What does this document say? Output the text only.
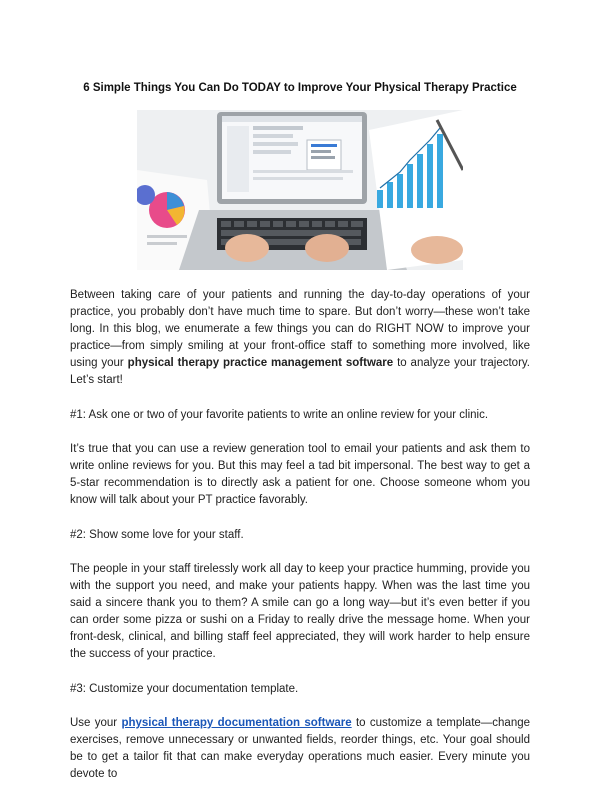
6 Simple Things You Can Do TODAY to Improve Your Physical Therapy Practice

Between taking care of your patients and running the day-to-day operations of your practice, you probably don’t have much time to spare. But don’t worry—these won’t take long. In this blog, we enumerate a few things you can do RIGHT NOW to improve your practice—from simply smiling at your front-office staff to something more involved, like using your physical therapy practice management software to analyze your trajectory. Let’s start!

#1: Ask one or two of your favorite patients to write an online review for your clinic.

It’s true that you can use a review generation tool to email your patients and ask them to write online reviews for you. But this may feel a tad bit impersonal. The best way to get a 5-star recommendation is to directly ask a patient for one. Choose someone whom you know will talk about your PT practice favorably.

#2: Show some love for your staff.

The people in your staff tirelessly work all day to keep your practice humming, provide you with the support you need, and make your patients happy. When was the last time you said a sincere thank you to them? A smile can go a long way—but it’s even better if you can order some pizza or sushi on a Friday to really drive the message home. When your front-desk, clinical, and billing staff feel appreciated, they will work harder to help ensure the success of your practice.

#3: Customize your documentation template.

Use your physical therapy documentation software to customize a template—change exercises, remove unnecessary or unwanted fields, reorder things, etc. Your goal should be to get a tailor fit that can make everyday operations much easier. Every minute you devote to
